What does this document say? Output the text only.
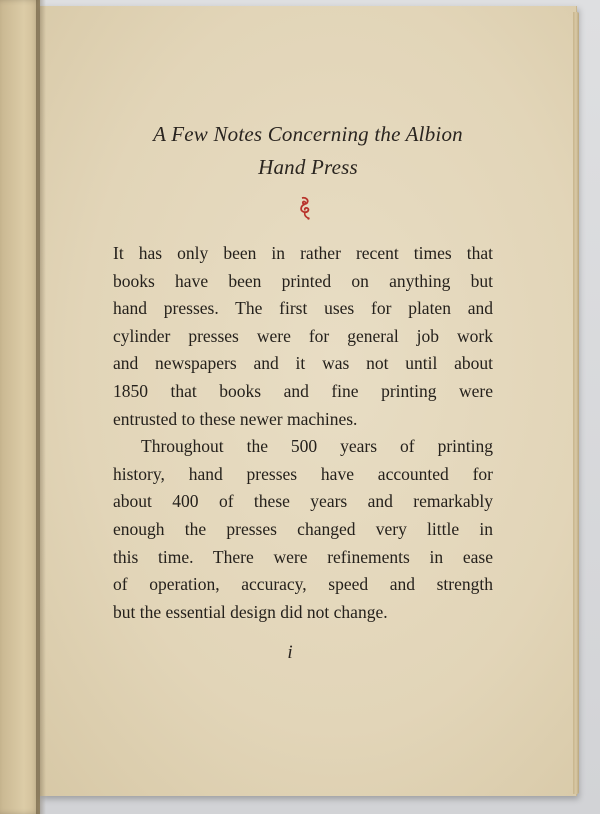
A Few Notes Concerning the Albion
Hand Press
It has only been in rather recent times that
books have been printed on anything but
hand presses. The first uses for platen and
cylinder presses were for general job work
and newspapers and it was not until about
1850 that books and fine printing were
entrusted to these newer machines.
Throughout the 500 years of printing
history, hand presses have accounted for
about 400 of these years and remarkably
enough the presses changed very little in
this time. There were refinements in ease
of operation, accuracy, speed and strength
but the essential design did not change.
i
